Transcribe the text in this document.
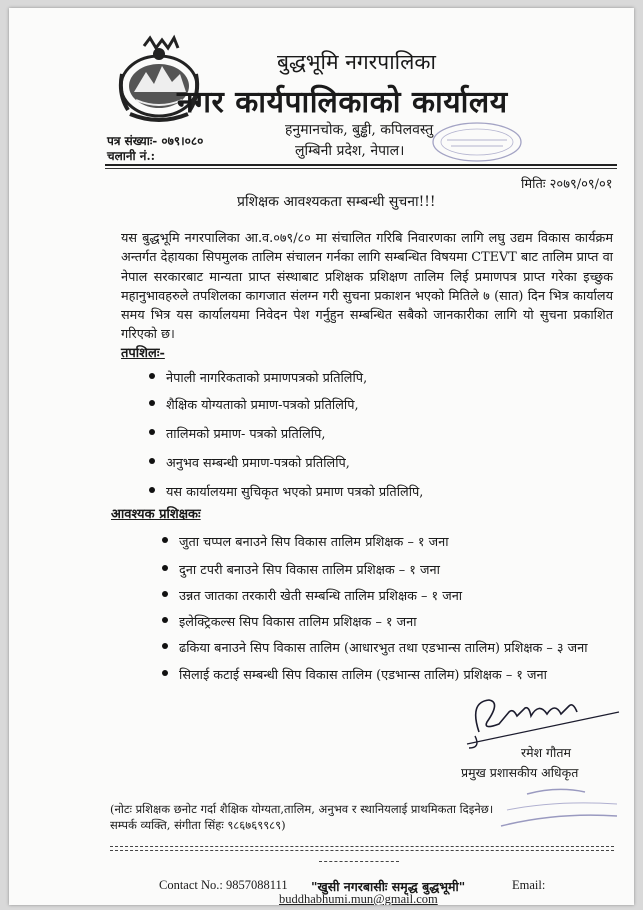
बुद्धभूमि नगरपालिका
नगर कार्यपालिकाको कार्यालय
हनुमानचोक, बुड्ढी, कपिलवस्तु
लुम्बिनी प्रदेश, नेपाल।
पत्र संख्याः- ०७९।०८०
चलानी नं.:
मितिः २०७९/०९/०१
प्रशिक्षक आवश्यकता सम्बन्धी सुचना!!!
यस बुद्धभूमि नगरपालिका आ.व.०७९/८० मा संचालित गरिबि निवारणका लागि लघु उद्यम विकास कार्यक्रम अन्तर्गत देहायका सिपमुलक तालिम संचालन गर्नका लागि सम्बन्धित विषयमा CTEVT बाट तालिम प्राप्त वा नेपाल सरकारबाट मान्यता प्राप्त संस्थाबाट प्रशिक्षक प्रशिक्षण तालिम लिई प्रमाणपत्र प्राप्त गरेका इच्छुक महानुभावहरुले तपशिलका कागजात संलग्न गरी सुचना प्रकाशन भएको मितिले ७ (सात) दिन भित्र कार्यालय समय भित्र यस कार्यालयमा निवेदन पेश गर्नुहुन सम्बन्धित सबैको जानकारीका लागि यो सुचना प्रकाशित गरिएको छ।
तपशिलः-
नेपाली नागरिकताको प्रमाणपत्रको प्रतिलिपि,
शैक्षिक योग्यताको प्रमाण-पत्रको प्रतिलिपि,
तालिमको प्रमाण- पत्रको प्रतिलिपि,
अनुभव सम्बन्धी प्रमाण-पत्रको प्रतिलिपि,
यस कार्यालयमा सुचिकृत भएको प्रमाण पत्रको प्रतिलिपि,
आवश्यक प्रशिक्षकः
जुता चप्पल बनाउने सिप विकास तालिम प्रशिक्षक – १ जना
दुना टपरी बनाउने सिप विकास तालिम प्रशिक्षक – १ जना
उन्नत जातका तरकारी खेती सम्बन्धि तालिम प्रशिक्षक – १ जना
इलेक्ट्रिकल्स सिप विकास तालिम प्रशिक्षक – १ जना
ढकिया बनाउने सिप विकास तालिम (आधारभुत तथा एडभान्स तालिम) प्रशिक्षक – ३ जना
सिलाई कटाई सम्बन्धी सिप विकास तालिम (एडभान्स तालिम) प्रशिक्षक – १ जना
रमेश गौतम
प्रमुख प्रशासकीय अधिकृत
(नोटः प्रशिक्षक छनोट गर्दा शैक्षिक योग्यता,तालिम, अनुभव र स्थानियलाई प्राथमिकता दिइनेछ।
सम्पर्क व्यक्ति, संगीता सिंहः ९८६७६९९८९)
Contact No.: 9857088111 "खुसी नगरबासीः समृद्ध बुद्धभूमी"	Email:
buddhabhumi.mun@gmail.com
